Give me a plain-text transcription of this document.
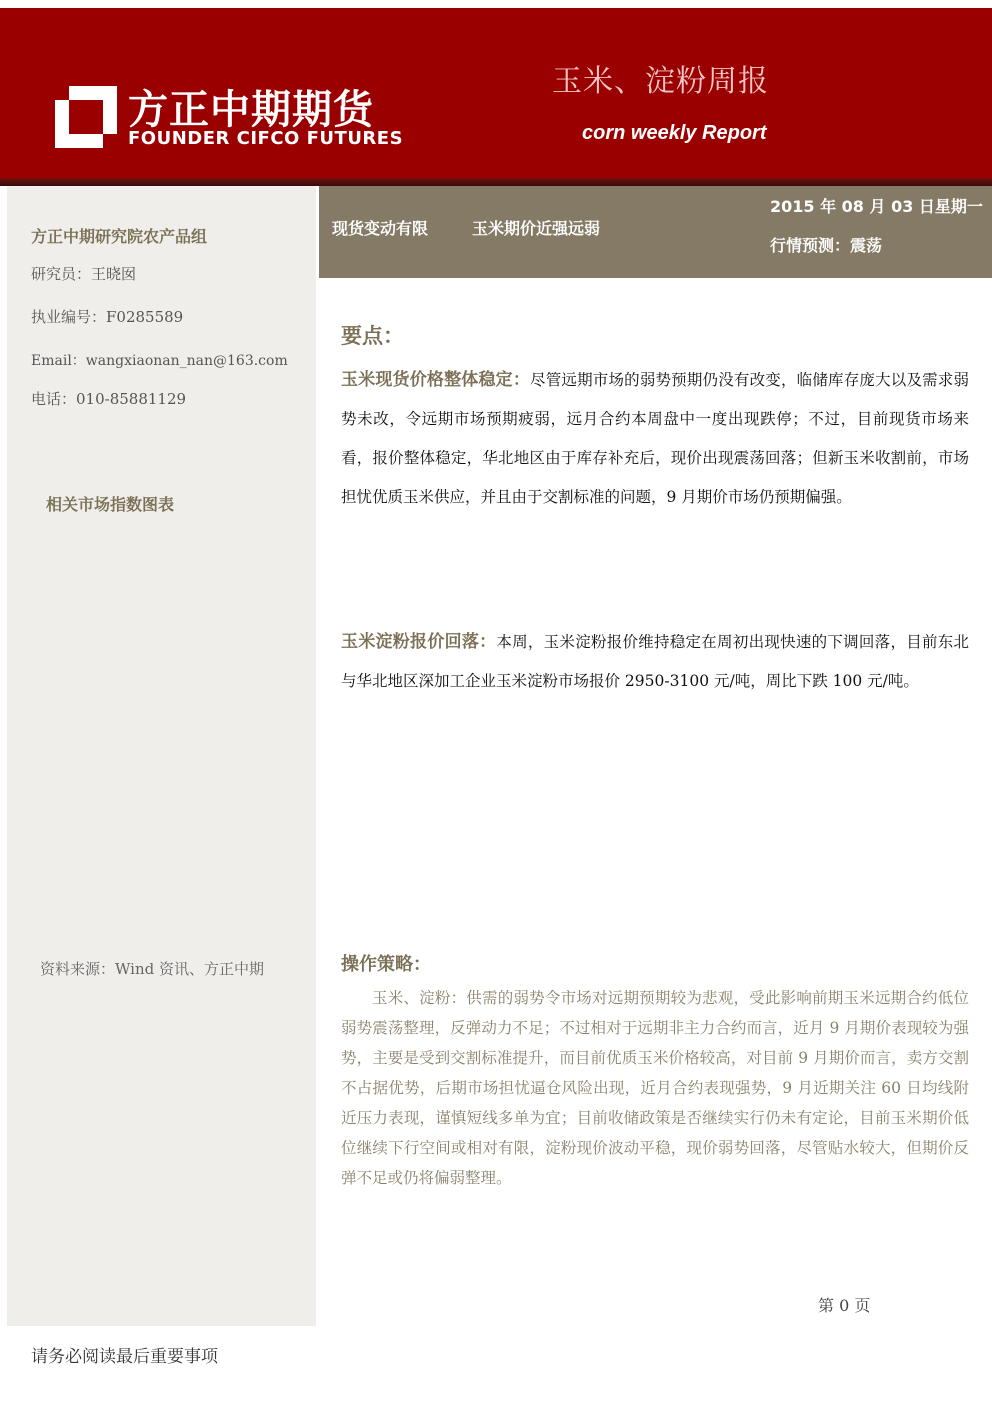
方正中期期货
FOUNDER CIFCO FUTURES
玉米、淀粉周报
corn weekly Report
方正中期研究院农产品组
研究员：王晓囡
执业编号：F0285589
Email：wangxiaonan_nan@163.com
电话：010-85881129
相关市场指数图表
资料来源：Wind 资讯、方正中期
现货变动有限	玉米期价近强远弱
2015 年 08 月 03 日星期一
行情预测：震荡
要点：

玉米现货价格整体稳定：尽管远期市场的弱势预期仍没有改变，临储库存庞大以及需求弱势未改，令远期市场预期疲弱，远月合约本周盘中一度出现跌停；不过，目前现货市场来看，报价整体稳定，华北地区由于库存补充后，现价出现震荡回落；但新玉米收割前，市场担忧优质玉米供应，并且由于交割标准的问题，9 月期价市场仍预期偏强。

玉米淀粉报价回落：本周，玉米淀粉报价维持稳定在周初出现快速的下调回落，目前东北与华北地区深加工企业玉米淀粉市场报价 2950-3100 元/吨，周比下跌 100 元/吨。

操作策略：

玉米、淀粉：供需的弱势令市场对远期预期较为悲观，受此影响前期玉米远期合约低位弱势震荡整理，反弹动力不足；不过相对于远期非主力合约而言，近月 9 月期价表现较为强势，主要是受到交割标准提升，而目前优质玉米价格较高，对目前 9 月期价而言，卖方交割不占据优势，后期市场担忧逼仓风险出现，近月合约表现强势，9 月近期关注 60 日均线附近压力表现，谨慎短线多单为宜；目前收储政策是否继续实行仍未有定论，目前玉米期价低位继续下行空间或相对有限，淀粉现价波动平稳，现价弱势回落，尽管贴水较大，但期价反弹不足或仍将偏弱整理。

第 0 页
请务必阅读最后重要事项
